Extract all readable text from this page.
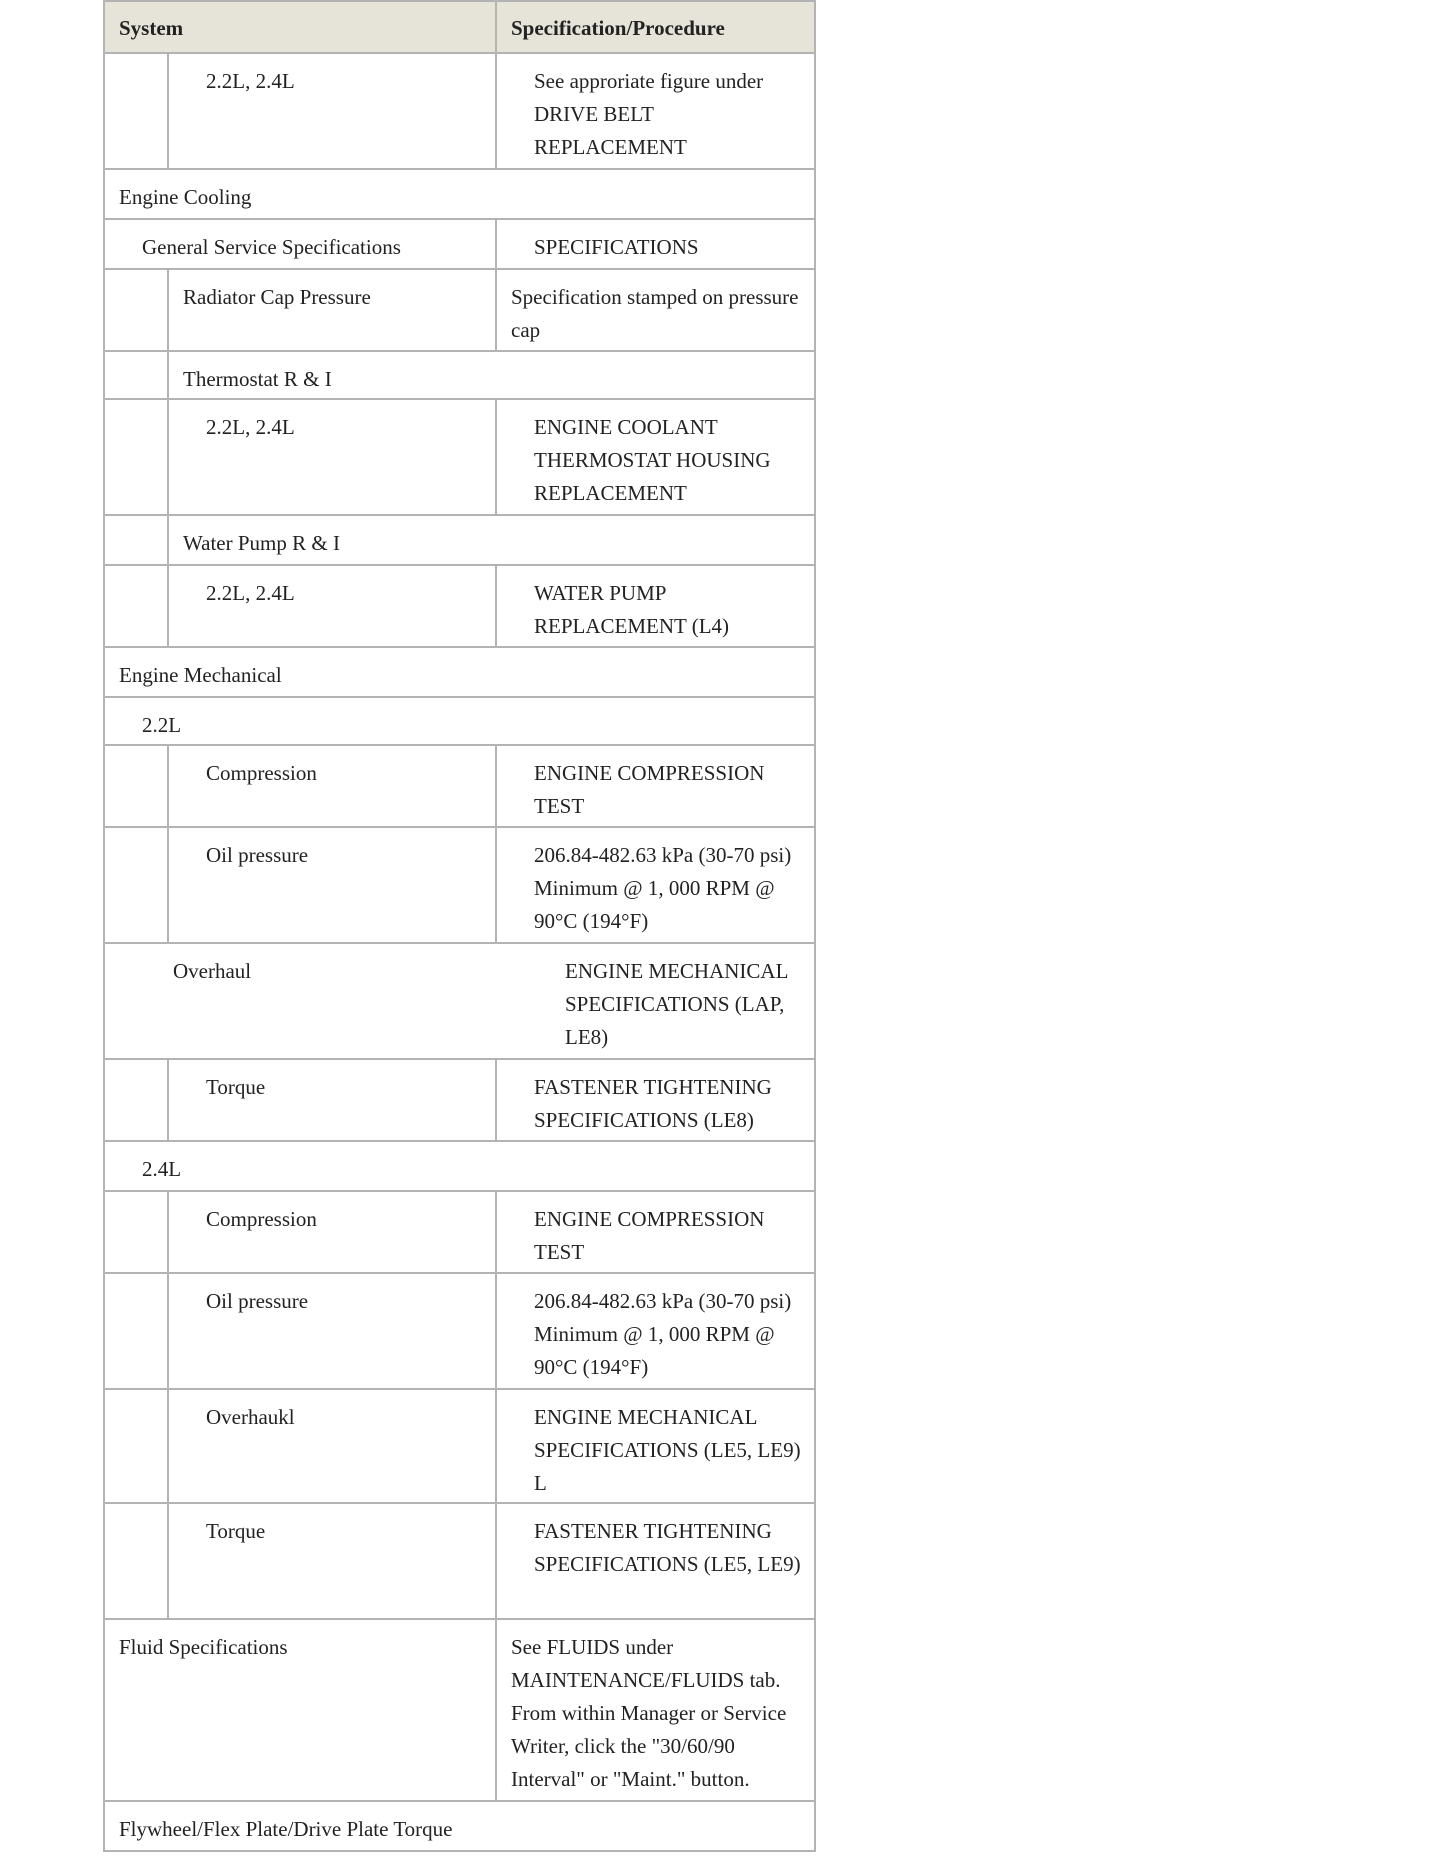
System	Specification/Procedure
2.2L, 2.4L	See approriate figure under DRIVE BELT REPLACEMENT
Engine Cooling
General Service Specifications	SPECIFICATIONS
Radiator Cap Pressure	Specification stamped on pressure cap
Thermostat R & I
2.2L, 2.4L	ENGINE COOLANT THERMOSTAT HOUSING REPLACEMENT
Water Pump R & I
2.2L, 2.4L	WATER PUMP REPLACEMENT (L4)
Engine Mechanical
2.2L
Compression	ENGINE COMPRESSION TEST
Oil pressure	206.84-482.63 kPa (30-70 psi) Minimum @ 1, 000 RPM @ 90°C (194°F)
Overhaul	ENGINE MECHANICAL SPECIFICATIONS (LAP, LE8)
Torque	FASTENER TIGHTENING SPECIFICATIONS (LE8)
2.4L
Compression	ENGINE COMPRESSION TEST
Oil pressure	206.84-482.63 kPa (30-70 psi) Minimum @ 1, 000 RPM @ 90°C (194°F)
Overhaukl	ENGINE MECHANICAL SPECIFICATIONS (LE5, LE9) L
Torque	FASTENER TIGHTENING SPECIFICATIONS (LE5, LE9)
Fluid Specifications	See FLUIDS under MAINTENANCE/FLUIDS tab. From within Manager or Service Writer, click the "30/60/90 Interval" or "Maint." button.
Flywheel/Flex Plate/Drive Plate Torque
